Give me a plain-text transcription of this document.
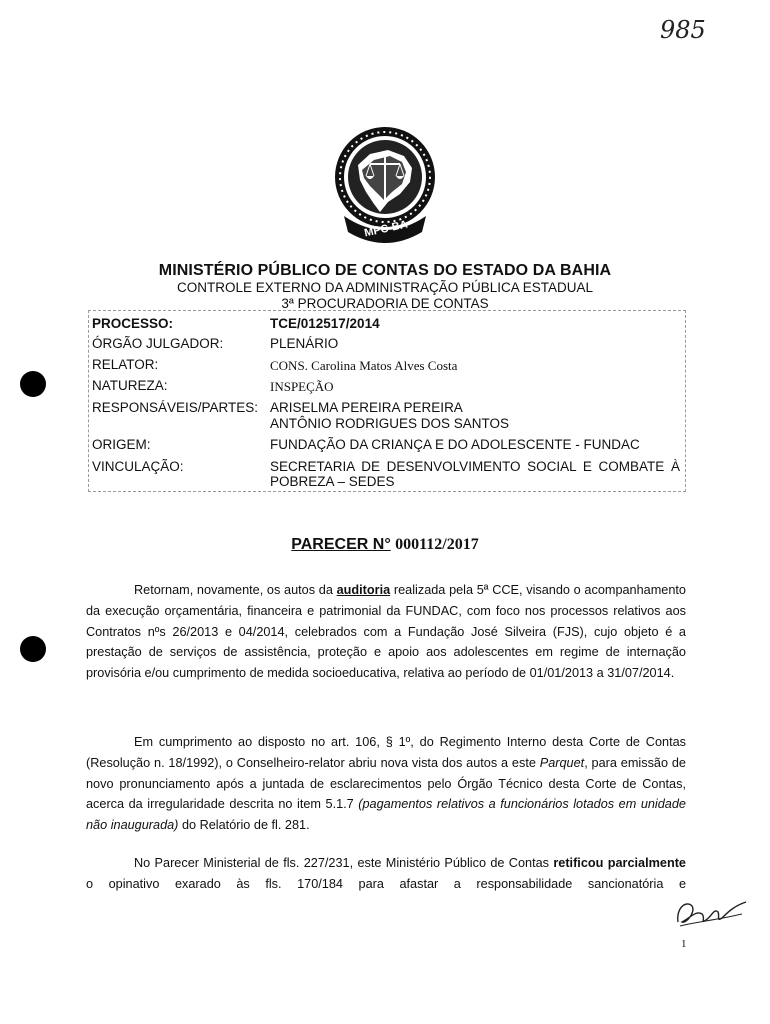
985
MPC-BA
MINISTÉRIO PÚBLICO DE CONTAS DO ESTADO DA BAHIA
CONTROLE EXTERNO DA ADMINISTRAÇÃO PÚBLICA ESTADUAL
3ª PROCURADORIA DE CONTAS
PROCESSO:	TCE/012517/2014
ÓRGÃO JULGADOR:	PLENÁRIO
RELATOR:	CONS. Carolina Matos Alves Costa
NATUREZA:	INSPEÇÃO
RESPONSÁVEIS/PARTES: ARISELMA PEREIRA PEREIRA
ANTÔNIO RODRIGUES DOS SANTOS
ORIGEM:	FUNDAÇÃO DA CRIANÇA E DO ADOLESCENTE - FUNDAC
VINCULAÇÃO:	SECRETARIA DE DESENVOLVIMENTO SOCIAL E COMBATE À
POBREZA – SEDES
PARECER N° 000112/2017

Retornam, novamente, os autos da auditoria realizada pela 5ª CCE, visando o acompanhamento da execução orçamentária, financeira e patrimonial da FUNDAC, com foco nos processos relativos aos Contratos nºs 26/2013 e 04/2014, celebrados com a Fundação José Silveira (FJS), cujo objeto é a prestação de serviços de assistência, proteção e apoio aos adolescentes em regime de internação provisória e/ou cumprimento de medida socioeducativa, relativa ao período de 01/01/2013 a 31/07/2014.

Em cumprimento ao disposto no art. 106, § 1º, do Regimento Interno desta Corte de Contas (Resolução n. 18/1992), o Conselheiro-relator abriu nova vista dos autos a este Parquet, para emissão de novo pronunciamento após a juntada de esclarecimentos pelo Órgão Técnico desta Corte de Contas, acerca da irregularidade descrita no item 5.1.7 (pagamentos relativos a funcionários lotados em unidade não inaugurada) do Relatório de fl. 281.

No Parecer Ministerial de fls. 227/231, este Ministério Público de Contas retificou parcialmente o opinativo exarado às fls. 170/184 para afastar a responsabilidade sancionatória e

1
